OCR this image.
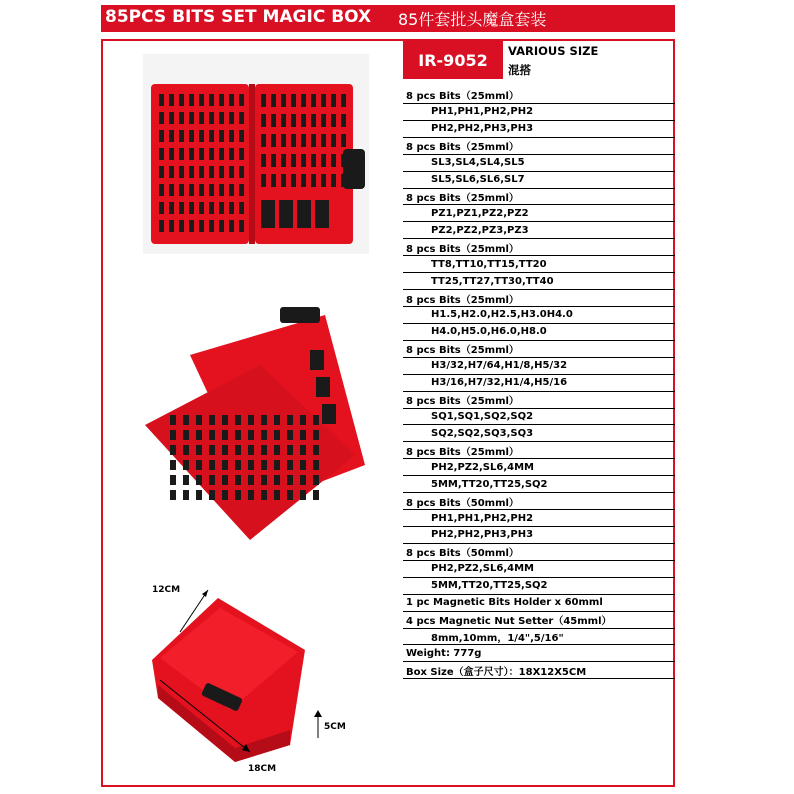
85PCS BITS SET MAGIC BOX 85件套批头魔盒套装
IR-9052	VARIOUS SIZE
混搭
8 pcs Bits（25mml）
PH1,PH1,PH2,PH2
PH2,PH2,PH3,PH3
8 pcs Bits（25mml）
SL3,SL4,SL4,SL5
SL5,SL6,SL6,SL7
8 pcs Bits（25mml）
PZ1,PZ1,PZ2,PZ2
PZ2,PZ2,PZ3,PZ3
8 pcs Bits（25mml）
TT8,TT10,TT15,TT20
TT25,TT27,TT30,TT40
8 pcs Bits（25mml）
H1.5,H2.0,H2.5,H3.0H4.0
H4.0,H5.0,H6.0,H8.0
8 pcs Bits（25mml）
H3/32,H7/64,H1/8,H5/32
H3/16,H7/32,H1/4,H5/16
8 pcs Bits（25mml）
SQ1,SQ1,SQ2,SQ2
SQ2,SQ2,SQ3,SQ3
8 pcs Bits（25mml）
PH2,PZ2,SL6,4MM
5MM,TT20,TT25,SQ2
8 pcs Bits（50mml）
PH1,PH1,PH2,PH2
PH2,PH2,PH3,PH3
8 pcs Bits（50mml）
PH2,PZ2,SL6,4MM
5MM,TT20,TT25,SQ2
1 pc Magnetic Bits Holder x 60mml
4 pcs Magnetic Nut Setter（45mml）
8mm,10mm，1/4",5/16"
Weight: 777g
Box Size（盒子尺寸）：18X12X5CM
12CM
5CM
18CM
